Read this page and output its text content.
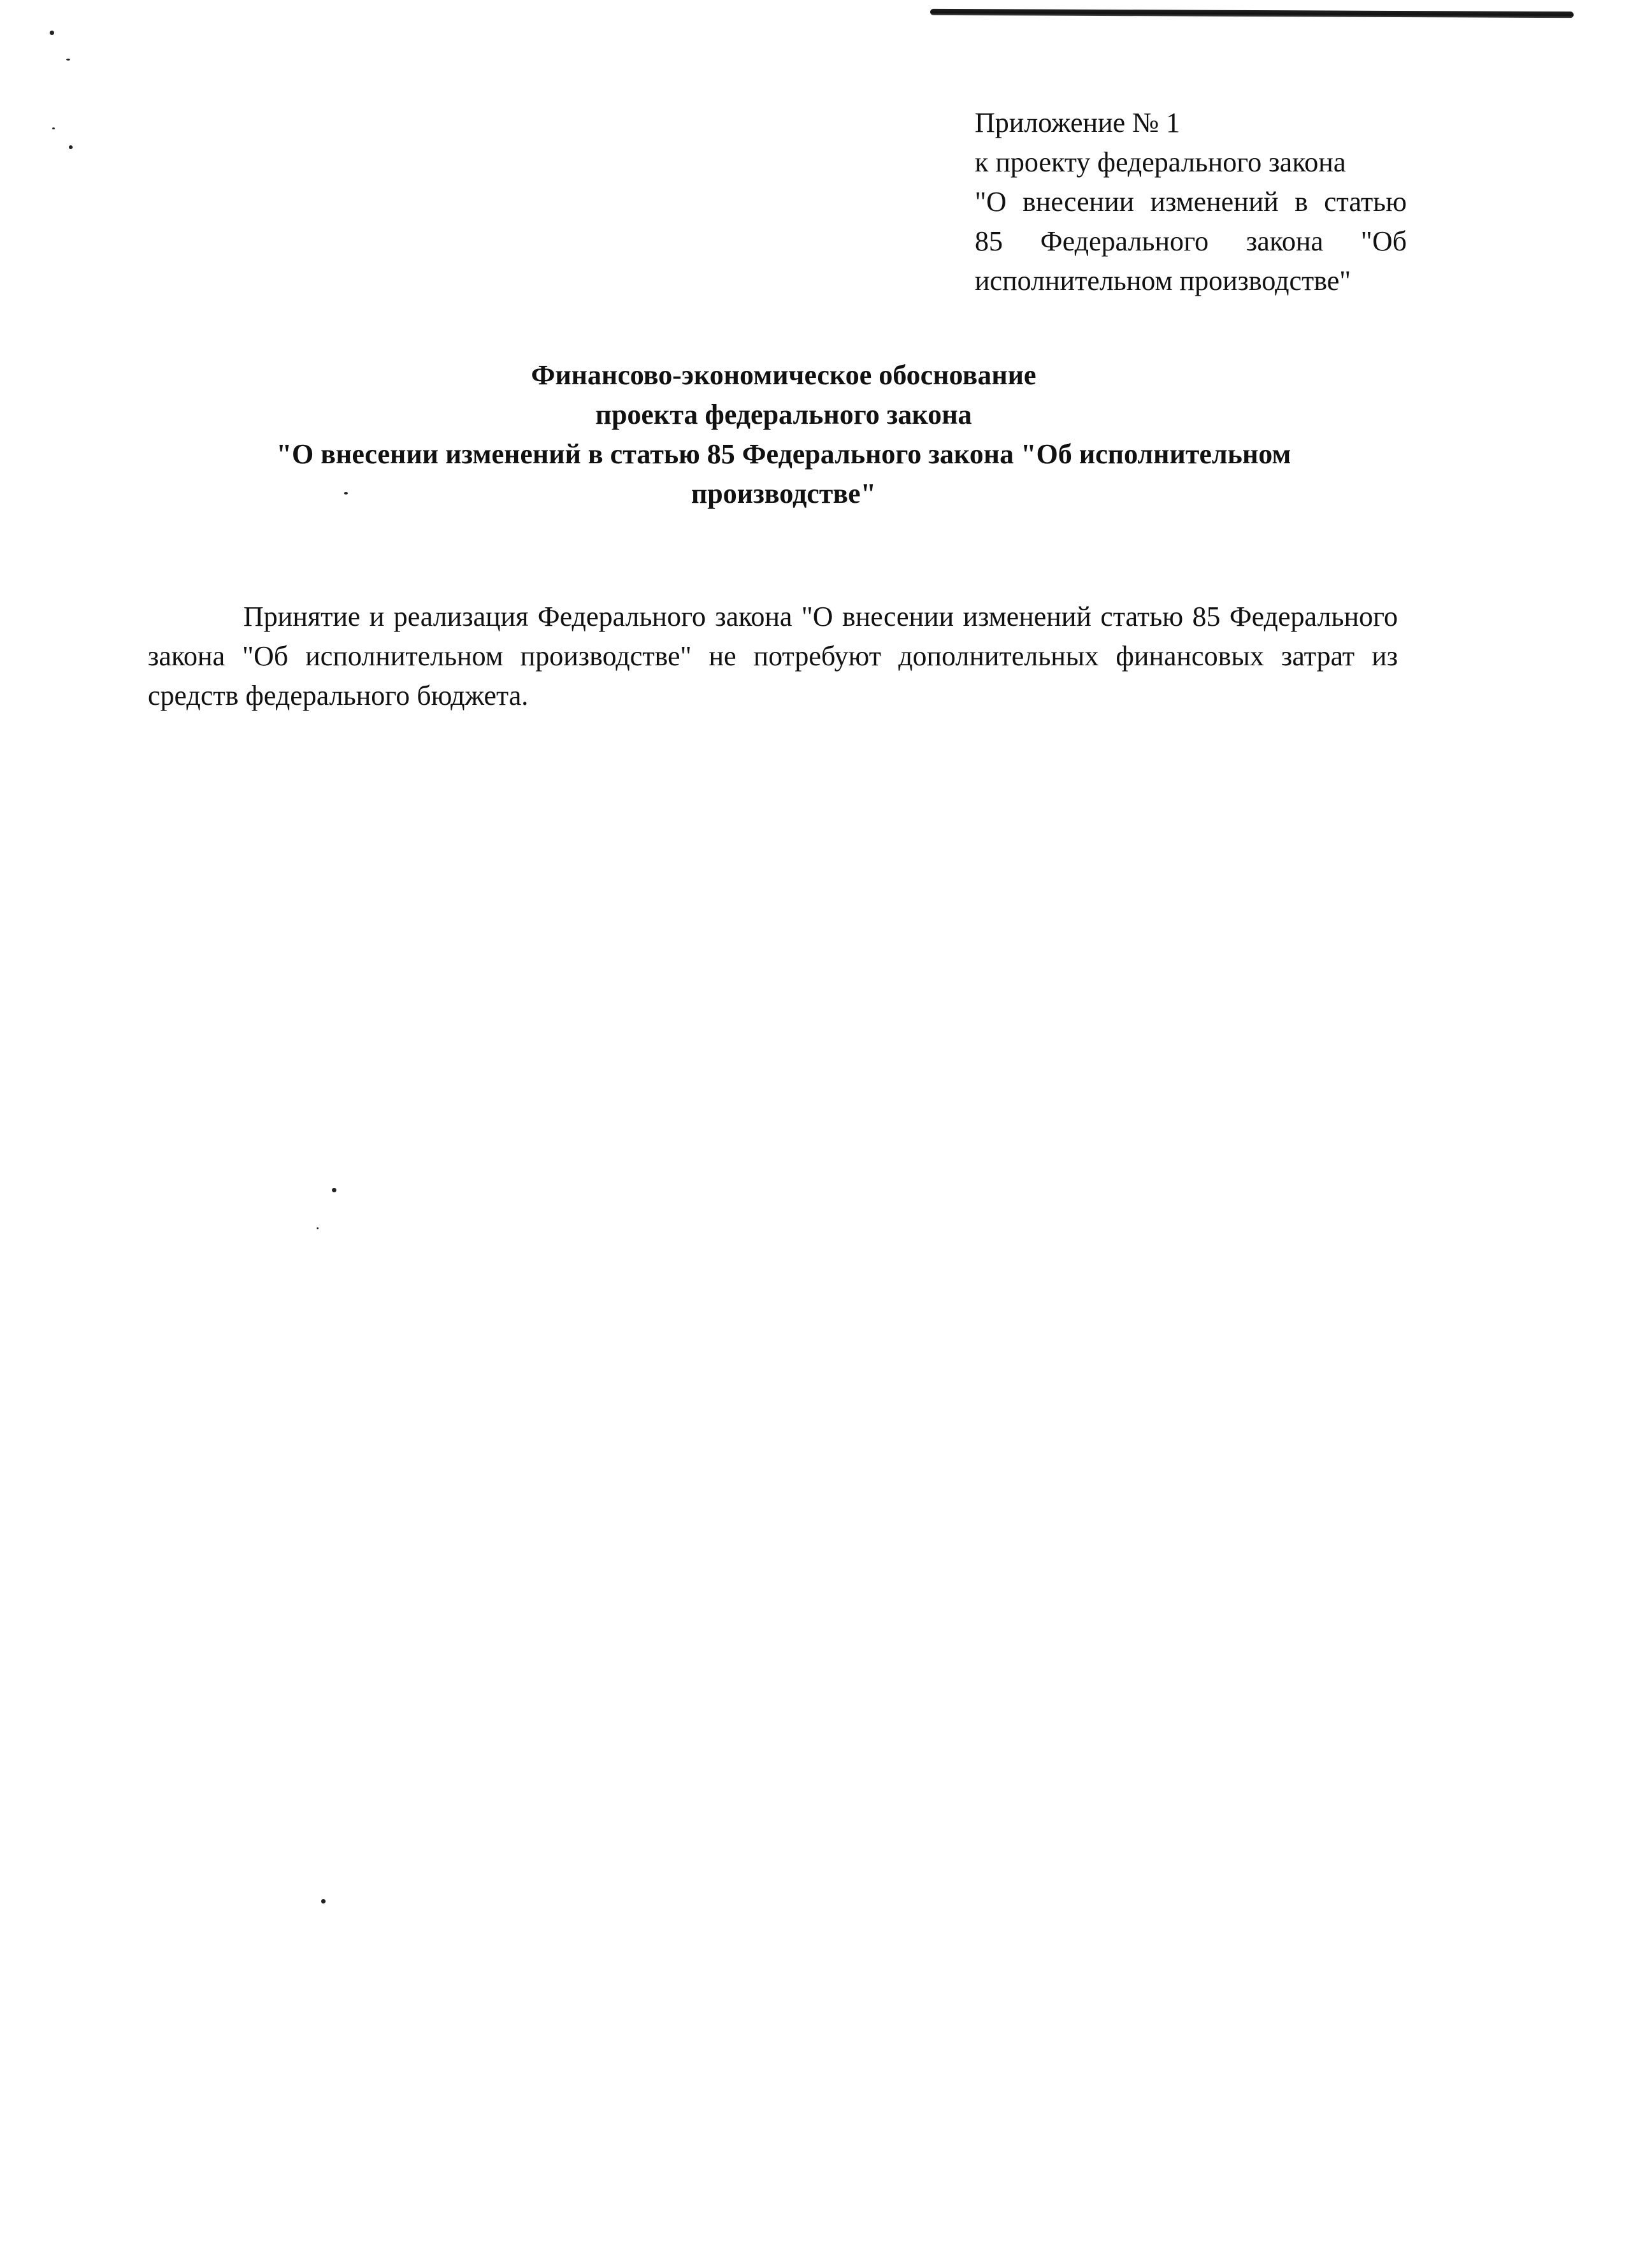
Приложение № 1
к проекту федерального закона
"О внесении изменений в статью
85 Федерального закона "Об
исполнительном производстве"
Финансово-экономическое обоснование
проекта федерального закона
"О внесении изменений в статью 85 Федерального закона "Об исполнительном
производстве"

Принятие и реализация Федерального закона "О внесении изменений статью 85 Федерального закона "Об исполнительном производстве" не потребуют дополнительных финансовых затрат из средств федерального бюджета.
